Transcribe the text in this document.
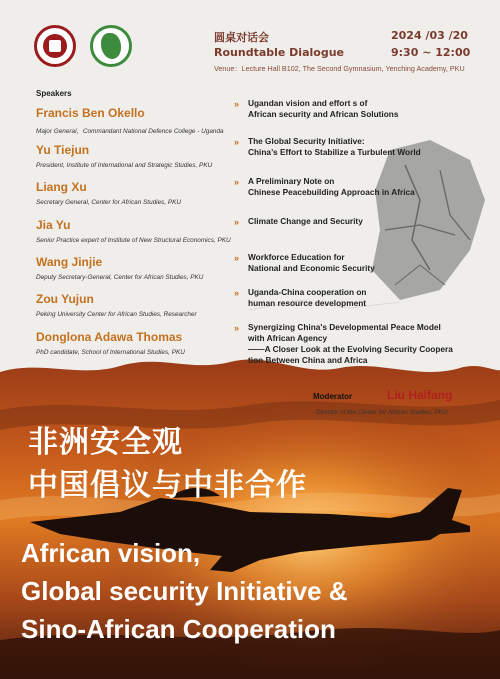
圆桌对话会
Roundtable Dialogue
2024 /03 /20
9:30 ~ 12:00
Venue：Lecture Hall B102, The Second Gymnasium, Yenching Academy, PKU
Speakers
Francis Ben Okello
Major General，Commandant National Defence College - Uganda
Yu Tiejun
President, Institute of International and Strategic Studies, PKU
Liang Xu
Secretary General, Center for African Studies, PKU
Jia Yu
Senior Practice expert of Institute of New Structural Economics, PKU
Wang Jinjie
Deputy Secretary-General, Center for African Studies, PKU
Zou Yujun
Peking University Center for African Studies, Researcher
Donglona Adawa Thomas
PhD candidate, School of International Studies, PKU
» Ugandan vision and effort s of
African security and African Solutions
» The Global Security Initiative:
China’s Effort to Stabilize a Turbulent World
» A Preliminary Note on
Chinese Peacebuilding Approach in Africa
» Climate Change and Security
» Workforce Education for
National and Economic Security
» Uganda-China cooperation on
human resource development
» Synergizing China's Developmental Peace Model
with African Agency
——A Closer Look at the Evolving Security Coopera
tion Between China and Africa
Moderator	Liu Haifang
Director of the Center for African Studies, PKU
非洲安全观
中国倡议与中非合作
African vision,
Global security Initiative &
Sino-African Cooperation
